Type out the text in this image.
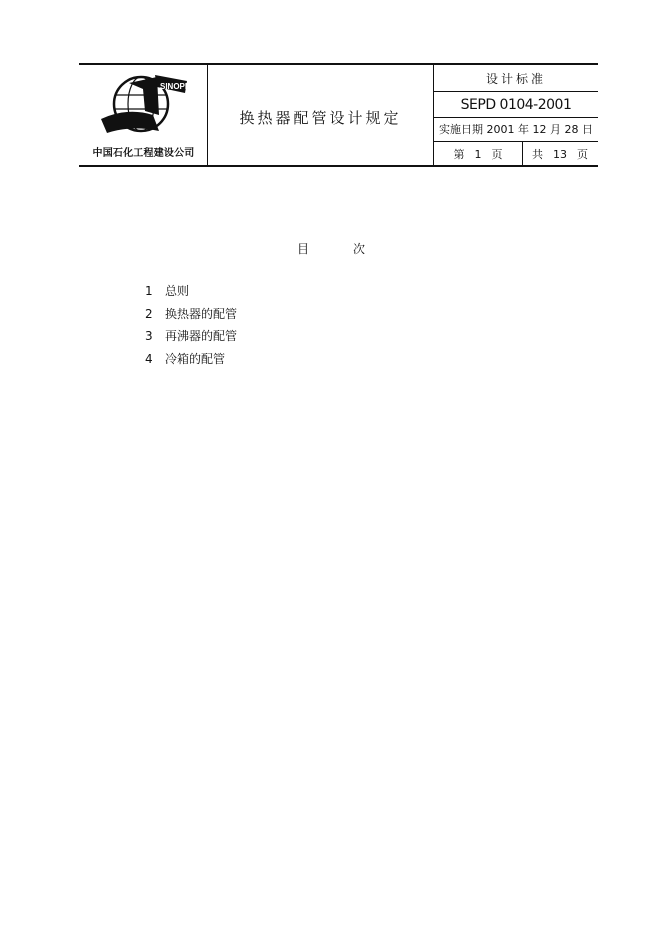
SINOPEC
中国石化工程建设公司
换热器配管设计规定
设计标准
SEPD 0104-2001
实施日期 2001 年 12 月 28 日
第 1 页	共 13 页
目	次
1 总则
2 换热器的配管
3 再沸器的配管
4 冷箱的配管
